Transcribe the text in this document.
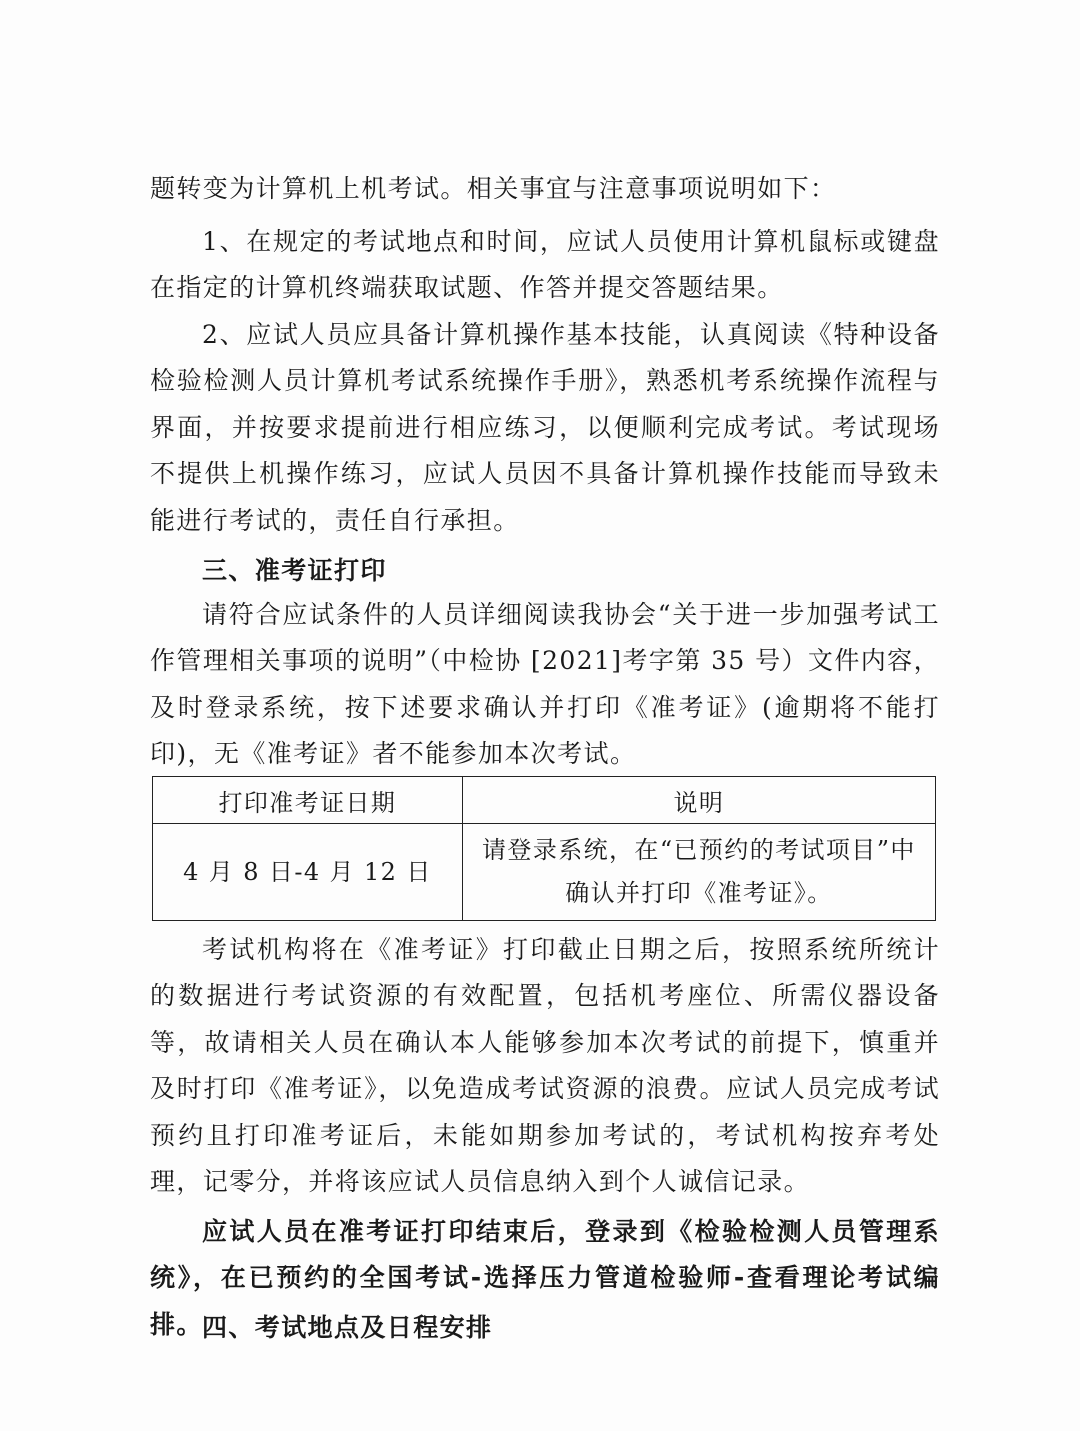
题转变为计算机上机考试。相关事宜与注意事项说明如下：

1、在规定的考试地点和时间，应试人员使用计算机鼠标或键盘在指定的计算机终端获取试题、作答并提交答题结果。

2、应试人员应具备计算机操作基本技能，认真阅读《特种设备检验检测人员计算机考试系统操作手册》，熟悉机考系统操作流程与界面，并按要求提前进行相应练习，以便顺利完成考试。考试现场不提供上机操作练习，应试人员因不具备计算机操作技能而导致未能进行考试的，责任自行承担。

三、准考证打印

请符合应试条件的人员详细阅读我协会“关于进一步加强考试工作管理相关事项的说明”（中检协 [2021]考字第 35 号）文件内容，及时登录系统，按下述要求确认并打印《准考证》(逾期将不能打印)，无《准考证》者不能参加本次考试。

打印准考证日期	说明
4 月 8 日-4 月 12 日	请登录系统，在“已预约的考试项目”中
确认并打印《准考证》。

考试机构将在《准考证》打印截止日期之后，按照系统所统计的数据进行考试资源的有效配置，包括机考座位、所需仪器设备等，故请相关人员在确认本人能够参加本次考试的前提下，慎重并及时打印《准考证》，以免造成考试资源的浪费。应试人员完成考试预约且打印准考证后，未能如期参加考试的，考试机构按弃考处理，记零分，并将该应试人员信息纳入到个人诚信记录。

应试人员在准考证打印结束后，登录到《检验检测人员管理系统》，在已预约的全国考试-选择压力管道检验师-查看理论考试编排。 四、考试地点及日程安排
